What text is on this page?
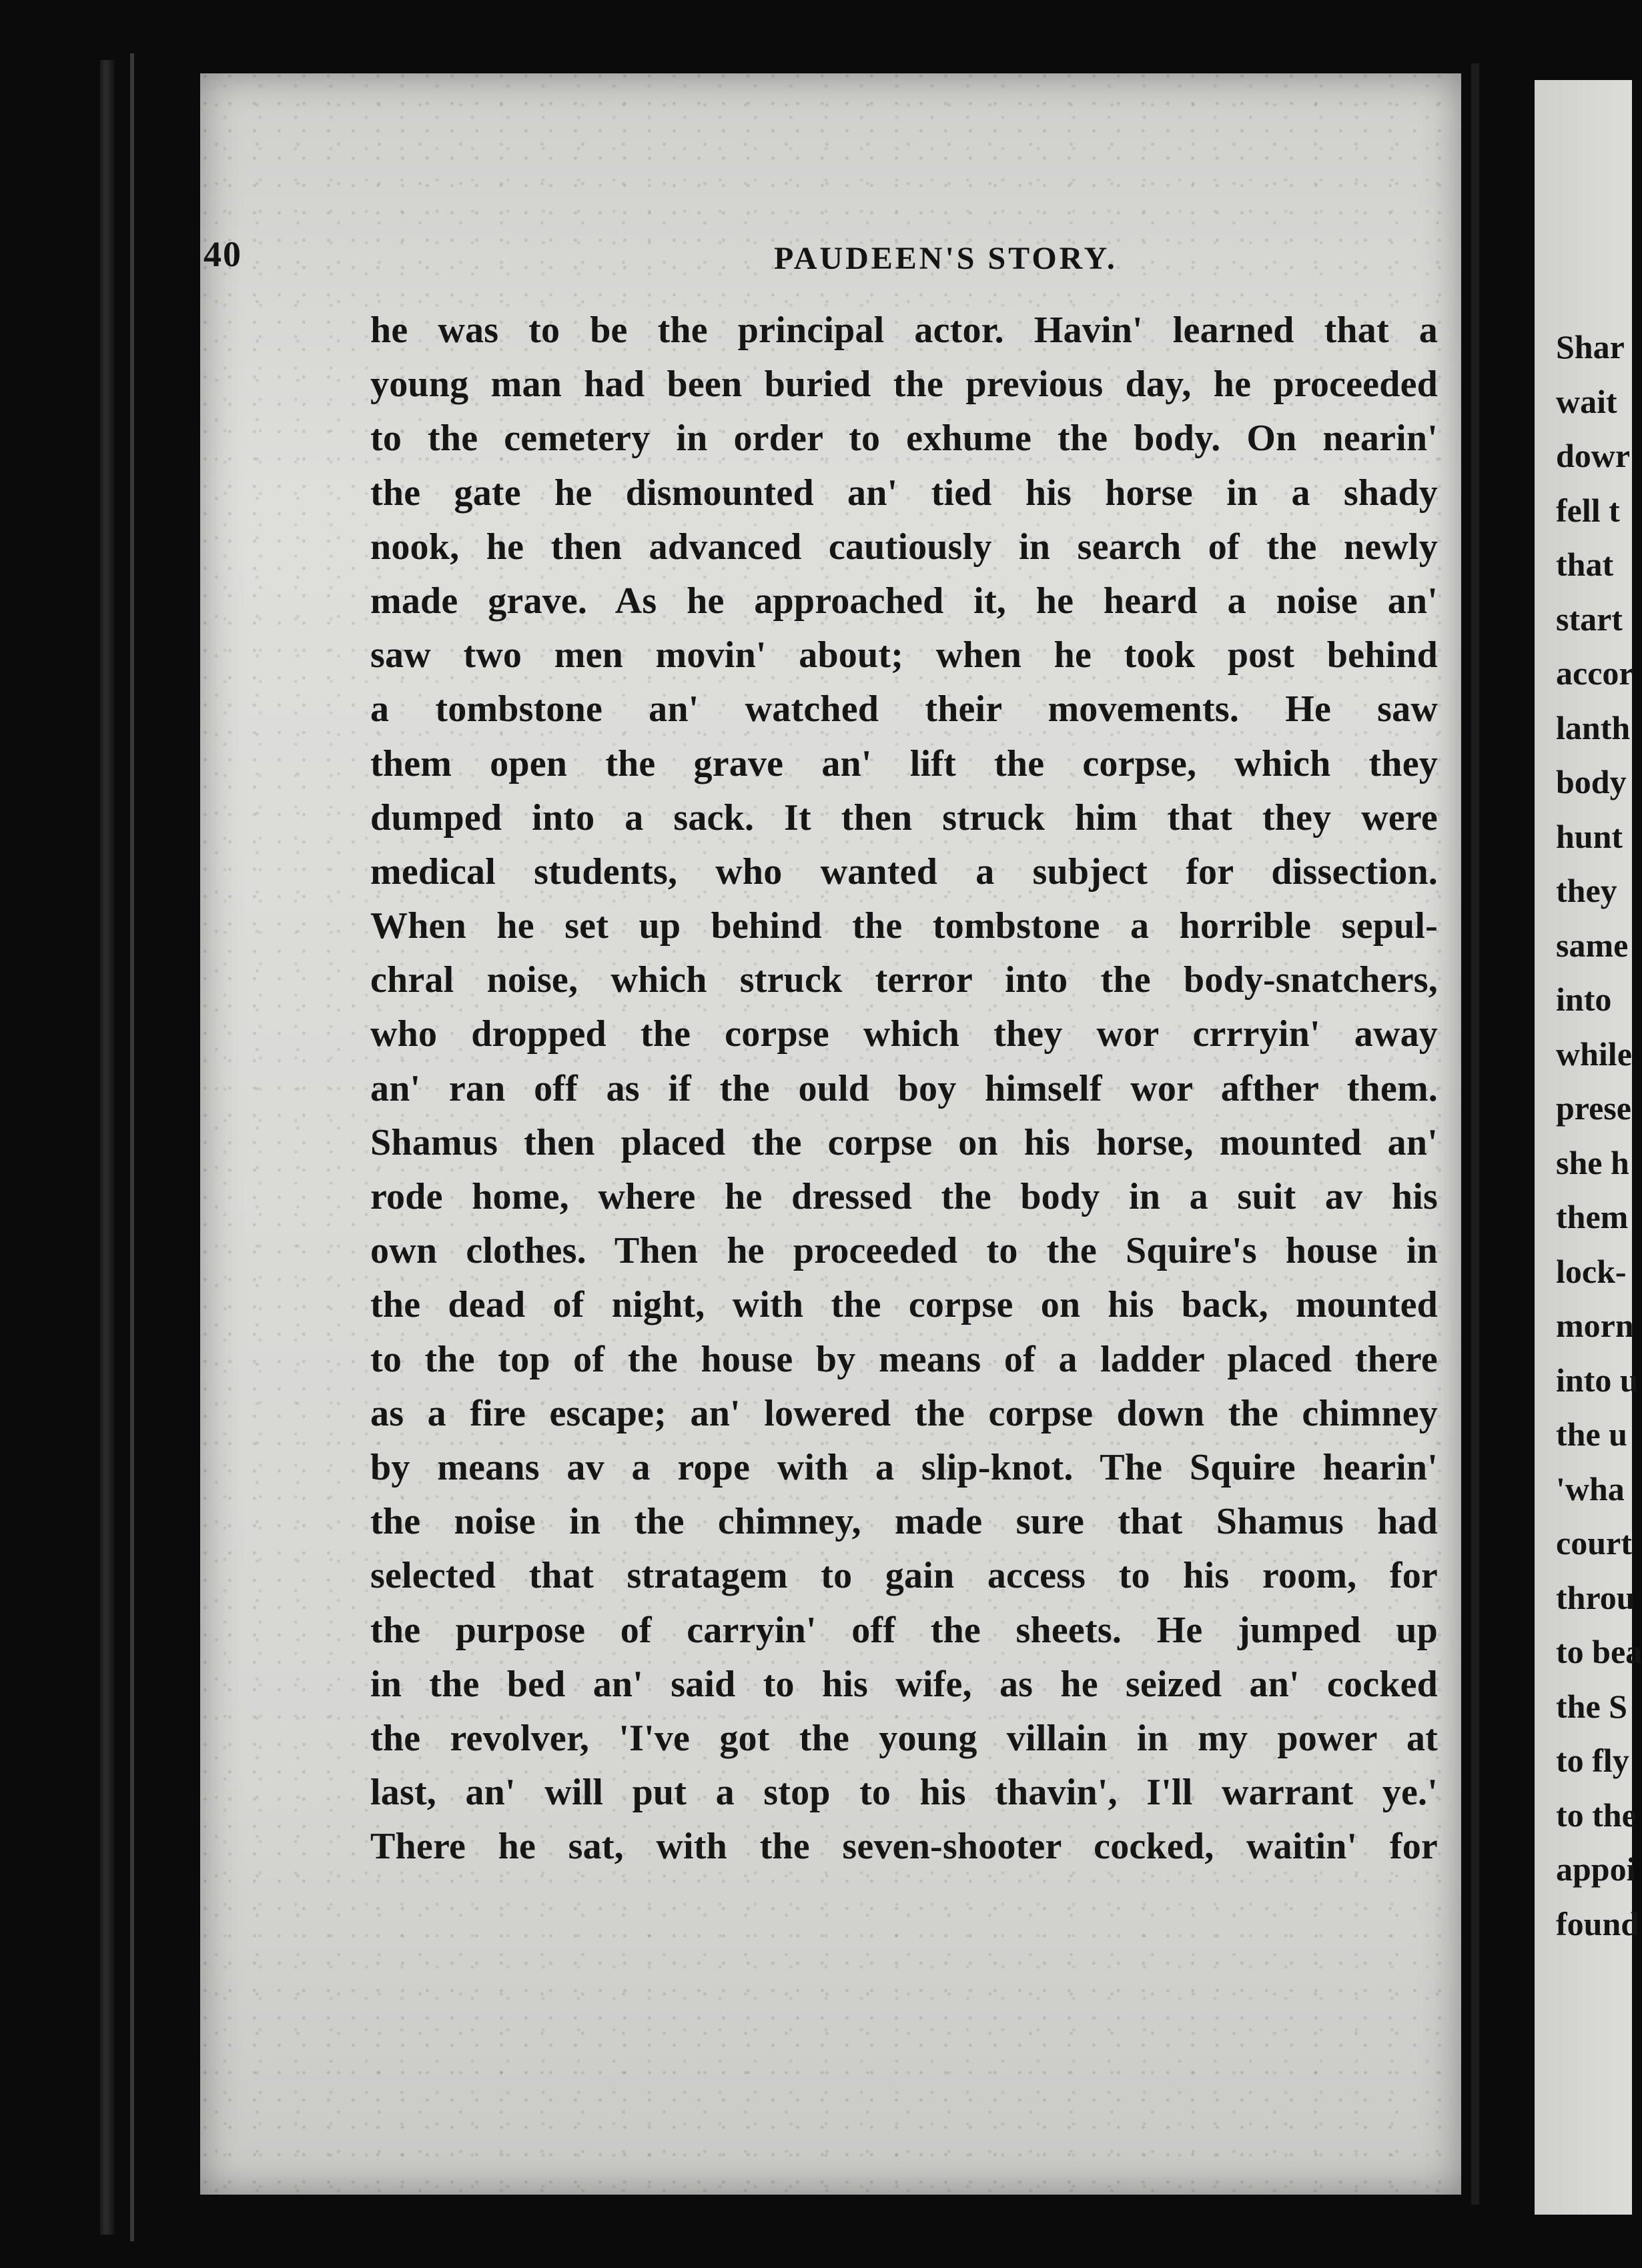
40	PAUDEEN'S STORY.
he was to be the principal actor. Havin' learned that a
young man had been buried the previous day, he proceeded
to the cemetery in order to exhume the body. On nearin'
the gate he dismounted an' tied his horse in a shady
nook, he then advanced cautiously in search of the newly
made grave. As he approached it, he heard a noise an'
saw two men movin' about; when he took post behind
a tombstone an' watched their movements. He saw
them open the grave an' lift the corpse, which they
dumped into a sack. It then struck him that they were
medical students, who wanted a subject for dissection.
When he set up behind the tombstone a horrible sepul-
chral noise, which struck terror into the body-snatchers,
who dropped the corpse which they wor crrryin' away
an' ran off as if the ould boy himself wor afther them.
Shamus then placed the corpse on his horse, mounted an'
rode home, where he dressed the body in a suit av his
own clothes. Then he proceeded to the Squire's house in
the dead of night, with the corpse on his back, mounted
to the top of the house by means of a ladder placed there
as a fire escape; an' lowered the corpse down the chimney
by means av a rope with a slip-knot. The Squire hearin'
the noise in the chimney, made sure that Shamus had
selected that stratagem to gain access to his room, for
the purpose of carryin' off the sheets. He jumped up
in the bed an' said to his wife, as he seized an' cocked
the revolver, 'I've got the young villain in my power at
last, an' will put a stop to his thavin', I'll warrant ye.'
There he sat, with the seven-shooter cocked, waitin' for
Shar
wait
dowr
fell t
that
start
accor
lanth
body
hunt
they
same
into
while
prese
she h
them
lock-
morn
into u
the u
'wha
court
throu
to bea
the S
to fly
to the
appoi
found
